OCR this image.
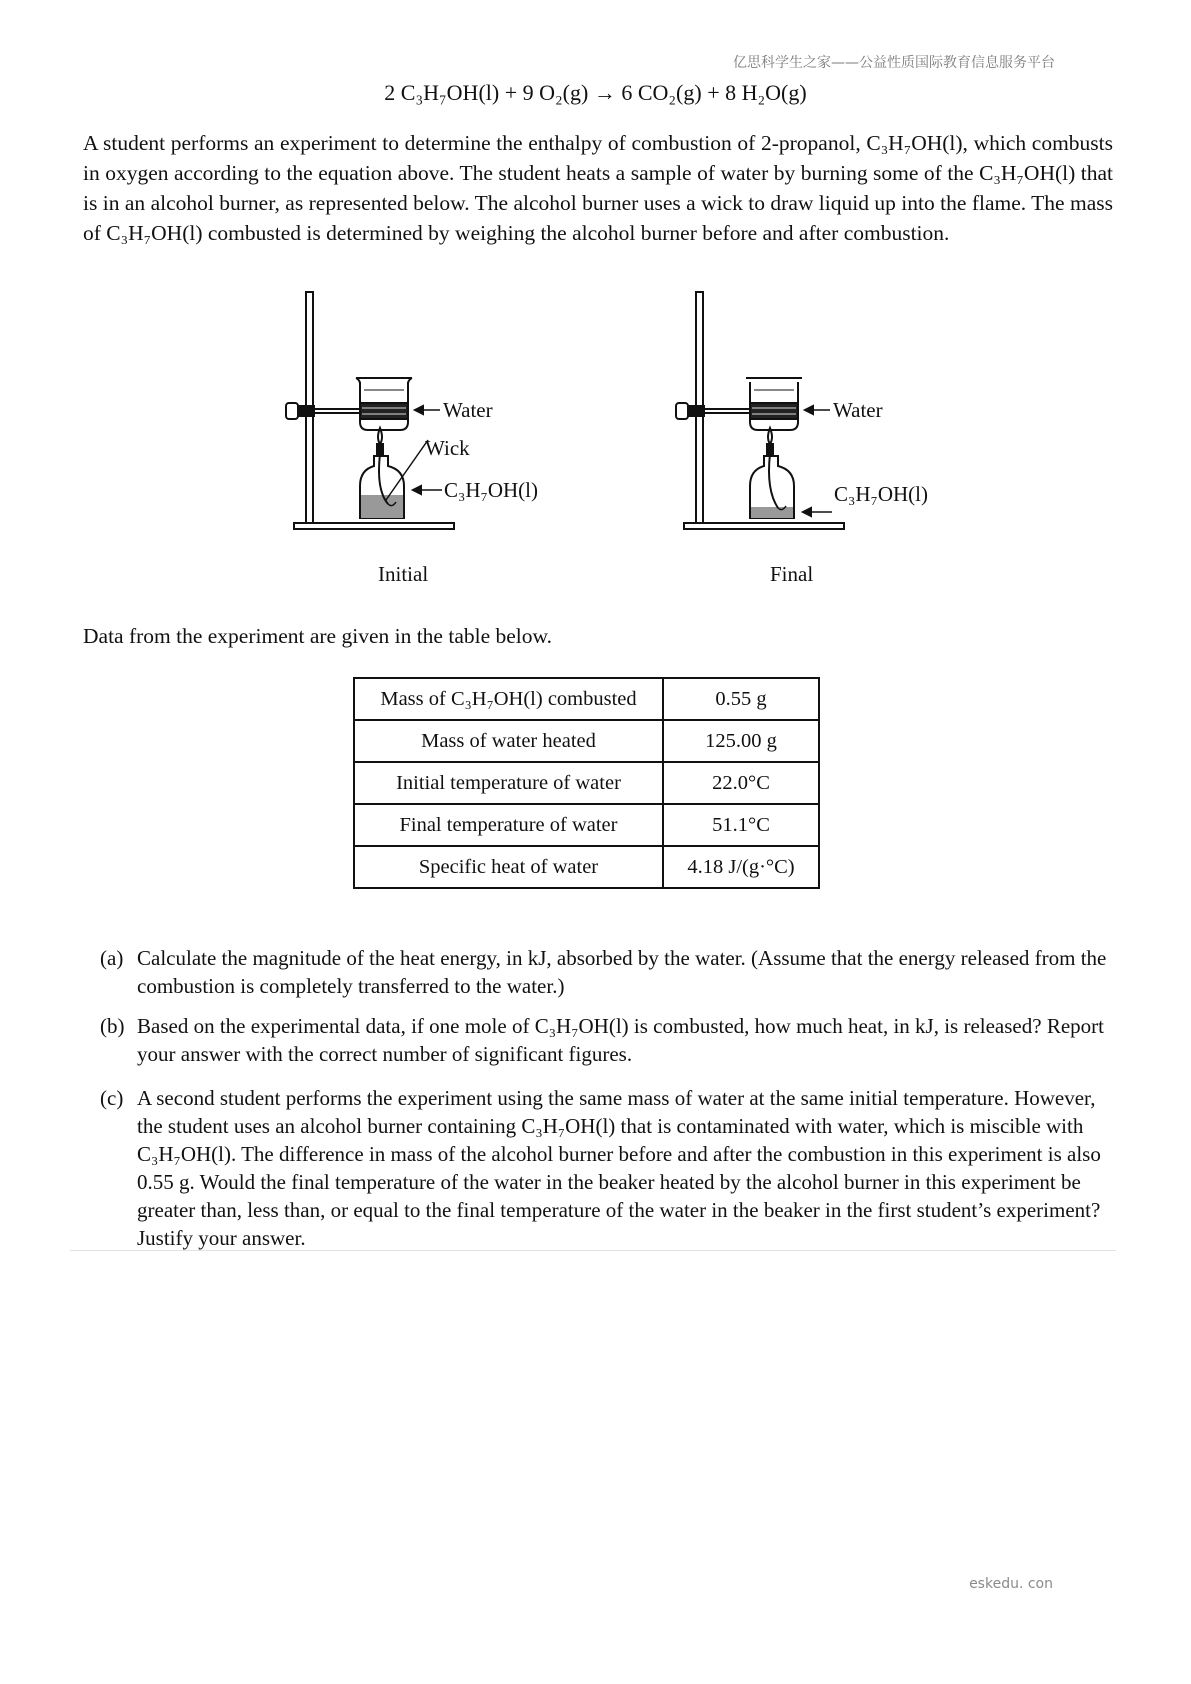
亿思科学生之家——公益性质国际教育信息服务平台
2 C₃H₇OH(l) + 9 O₂(g) → 6 CO₂(g) + 8 H₂O(g)

A student performs an experiment to determine the enthalpy of combustion of 2-propanol, C₃H₇OH(l), which combusts in oxygen according to the equation above. The student heats a sample of water by burning some of the C₃H₇OH(l) that is in an alcohol burner, as represented below. The alcohol burner uses a wick to draw liquid up into the flame. The mass of C₃H₇OH(l) combusted is determined by weighing the alcohol burner before and after combustion.

Water
Wick
C₃H₇OH(l)
Water
C₃H₇OH(l)
Initial	Final
Data from the experiment are given in the table below.
Mass of C₃H₇OH(l) combusted	0.55 g
Mass of water heated	125.00 g
Initial temperature of water	22.0°C
Final temperature of water	51.1°C
Specific heat of water	4.18 J/(g·°C)
(a) Calculate the magnitude of the heat energy, in kJ, absorbed by the water. (Assume that the energy released from the combustion is completely transferred to the water.)
(b) Based on the experimental data, if one mole of C₃H₇OH(l) is combusted, how much heat, in kJ, is released? Report your answer with the correct number of significant figures.
(c) A second student performs the experiment using the same mass of water at the same initial temperature. However, the student uses an alcohol burner containing C₃H₇OH(l) that is contaminated with water, which is miscible with C₃H₇OH(l). The difference in mass of the alcohol burner before and after the combustion in this experiment is also 0.55 g. Would the final temperature of the water in the beaker heated by the alcohol burner in this experiment be greater than, less than, or equal to the final temperature of the water in the beaker in the first student’s experiment? Justify your answer.
eskedu. con
